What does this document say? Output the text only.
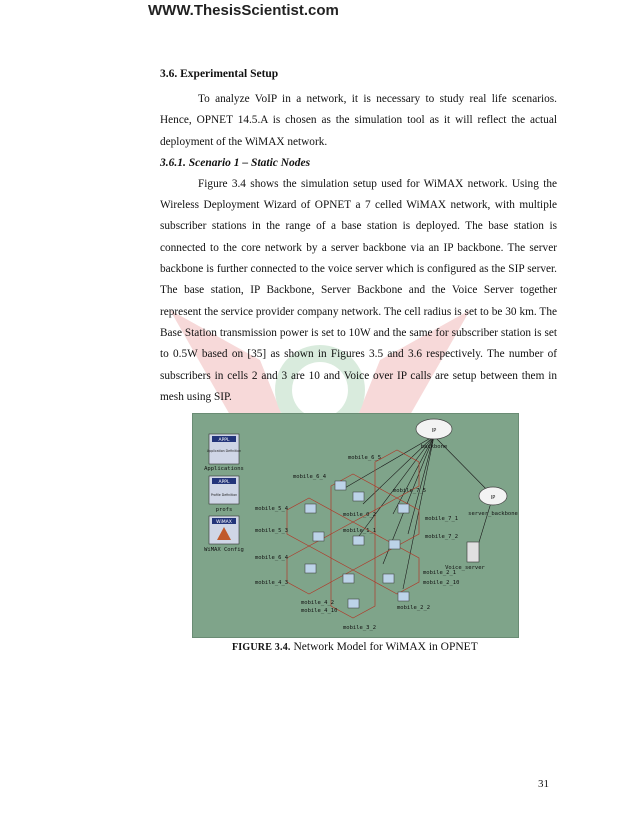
WWW.ThesisScientist.com

3.6. Experimental Setup

To analyze VoIP in a network, it is necessary to study real life scenarios. Hence, OPNET 14.5.A is chosen as the simulation tool as it will reflect the actual deployment of the WiMAX network.

3.6.1. Scenario 1 – Static Nodes

Figure 3.4 shows the simulation setup used for WiMAX network. Using the Wireless Deployment Wizard of OPNET a 7 celled WiMAX network, with multiple subscriber stations in the range of a base station is deployed. The base station is connected to the core network by a server backbone via an IP backbone. The server backbone is further connected to the voice server which is configured as the SIP server. The base station, IP Backbone, Server Backbone and the Voice Server together represent the service provider company network. The cell radius is set to be 30 km. The Base Station transmission power is set to 10W and the same for subscriber station is set to 0.5W based on [35] as shown in Figures 3.5 and 3.6 respectively. The number of subscribers in cells 2 and 3 are 10 and Voice over IP calls are setup between them in mesh using SIP.

APPL
Application Definition
Applications
APPL
Profile Definition
profs
WiMAX
WiMAX Config
IP
backbone
IP
server_backbone
Voice_server
mobile_6_5
mobile_6_4
mobile_7_5
mobile_5_4
mobile_5_3
mobile_7_1
mobile_7_2
mobile_6_4
mobile_1_1
mobile_2_1
mobile_4_3	mobile_2_10
mobile_4_2
mobile_4_10	mobile_2_2
mobile_3_2
mobile_0_2
FIGURE 3.4. Network Model for WiMAX in OPNET
31
